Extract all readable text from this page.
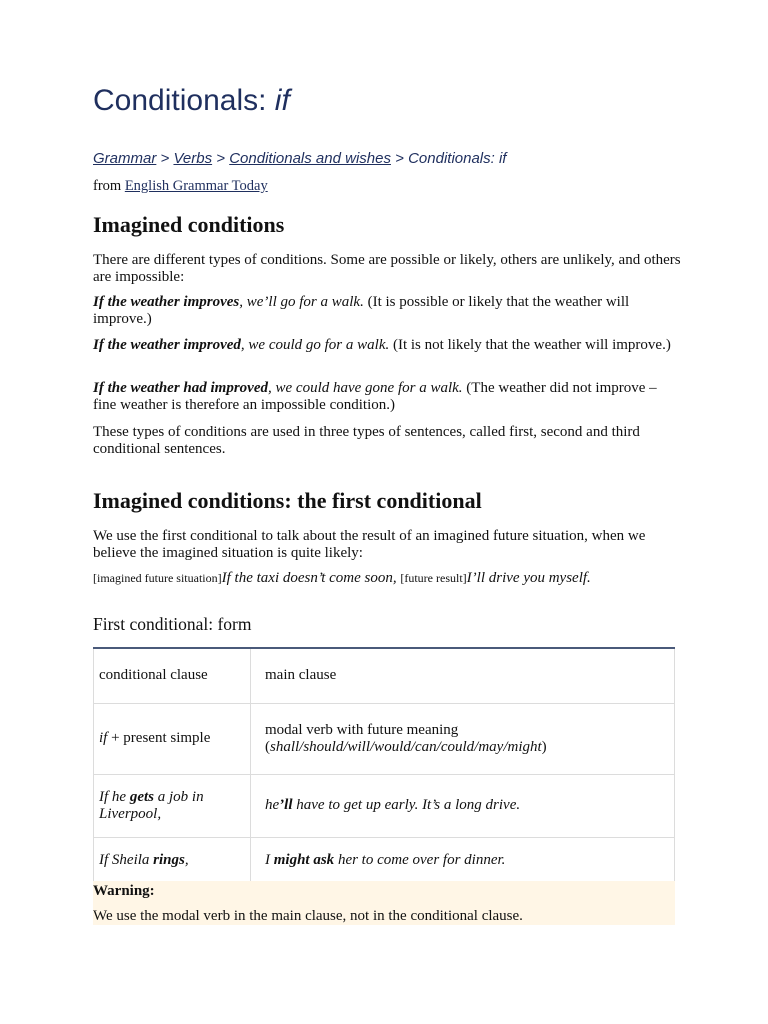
Conditionals: if
Grammar > Verbs > Conditionals and wishes > Conditionals: if
from English Grammar Today
Imagined conditions

There are different types of conditions. Some are possible or likely, others are unlikely, and others are impossible:

If the weather improves, we’ll go for a walk. (It is possible or likely that the weather will improve.)

If the weather improved, we could go for a walk. (It is not likely that the weather will improve.)

If the weather had improved, we could have gone for a walk. (The weather did not improve – fine weather is therefore an impossible condition.)

These types of conditions are used in three types of sentences, called first, second and third conditional sentences.

Imagined conditions: the first conditional

We use the first conditional to talk about the result of an imagined future situation, when we believe the imagined situation is quite likely:

[imagined future situation]If the taxi doesn’t come soon, [future result]I’ll drive you myself.
First conditional: form
conditional clause	main clause
if + present simple	modal verb with future meaning
(shall/should/will/would/can/could/may/might)
If he gets a job in Liverpool,	he’ll have to get up early. It’s a long drive.
If Sheila rings,	I might ask her to come over for dinner.
Warning:
We use the modal verb in the main clause, not in the conditional clause.
